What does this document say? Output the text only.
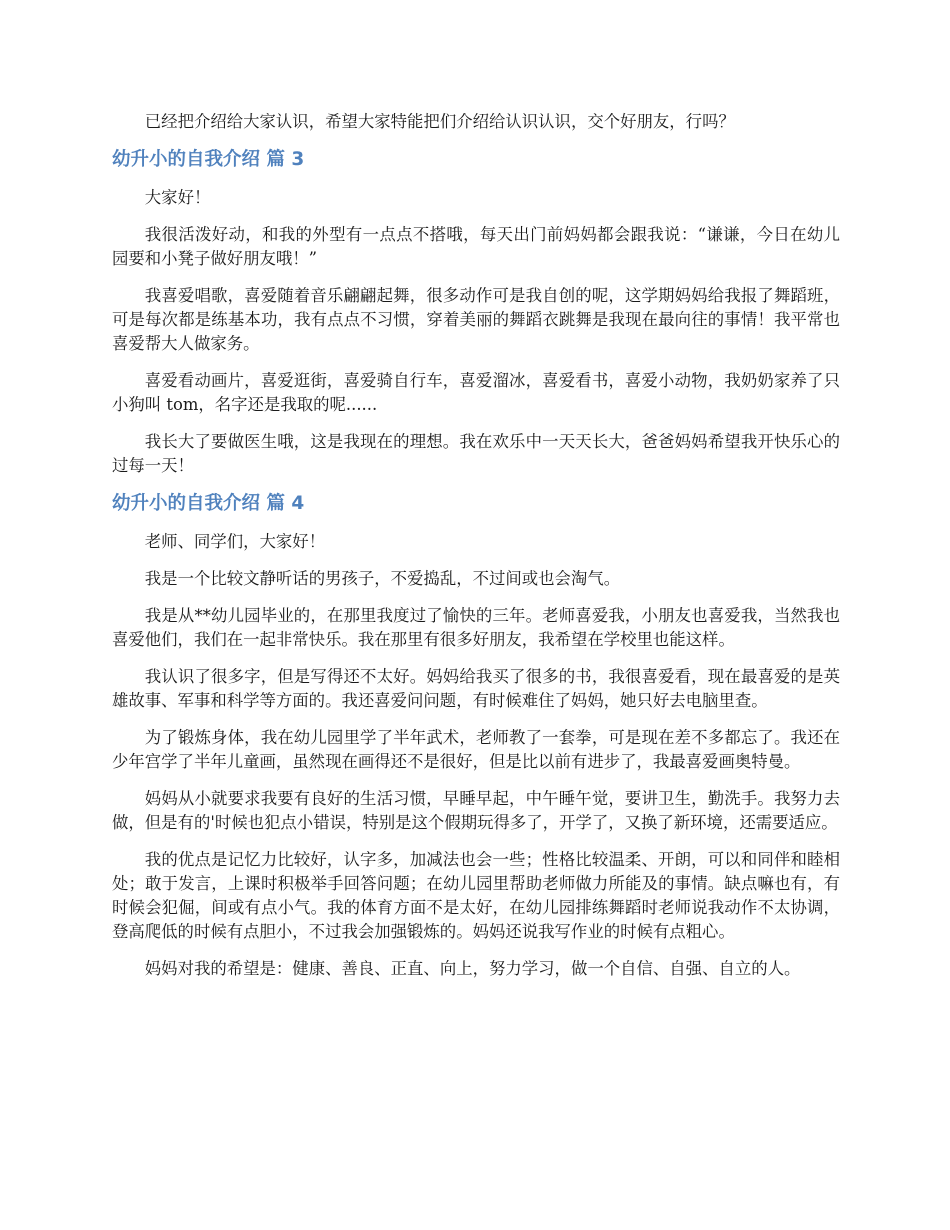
已经把介绍给大家认识，希望大家特能把们介绍给认识认识，交个好朋友，行吗？

幼升小的自我介绍 篇 3

大家好！

我很活泼好动，和我的外型有一点点不搭哦，每天出门前妈妈都会跟我说：“谦谦，今日在幼儿园要和小凳子做好朋友哦！”

我喜爱唱歌，喜爱随着音乐翩翩起舞，很多动作可是我自创的呢，这学期妈妈给我报了舞蹈班，可是每次都是练基本功，我有点点不习惯，穿着美丽的舞蹈衣跳舞是我现在最向往的事情！我平常也喜爱帮大人做家务。

喜爱看动画片，喜爱逛街，喜爱骑自行车，喜爱溜冰，喜爱看书，喜爱小动物，我奶奶家养了只小狗叫 tom，名字还是我取的呢......

我长大了要做医生哦，这是我现在的理想。我在欢乐中一天天长大，爸爸妈妈希望我开快乐心的过每一天！

幼升小的自我介绍 篇 4

老师、同学们，大家好！

我是一个比较文静听话的男孩子，不爱捣乱，不过间或也会淘气。

我是从**幼儿园毕业的，在那里我度过了愉快的三年。老师喜爱我，小朋友也喜爱我，当然我也喜爱他们，我们在一起非常快乐。我在那里有很多好朋友，我希望在学校里也能这样。

我认识了很多字，但是写得还不太好。妈妈给我买了很多的书，我很喜爱看，现在最喜爱的是英雄故事、军事和科学等方面的。我还喜爱问问题，有时候难住了妈妈，她只好去电脑里查。

为了锻炼身体，我在幼儿园里学了半年武术，老师教了一套拳，可是现在差不多都忘了。我还在少年宫学了半年儿童画，虽然现在画得还不是很好，但是比以前有进步了，我最喜爱画奥特曼。

妈妈从小就要求我要有良好的生活习惯，早睡早起，中午睡午觉，要讲卫生，勤洗手。我努力去做，但是有的'时候也犯点小错误，特别是这个假期玩得多了，开学了，又换了新环境，还需要适应。

我的优点是记忆力比较好，认字多，加减法也会一些；性格比较温柔、开朗，可以和同伴和睦相处；敢于发言，上课时积极举手回答问题；在幼儿园里帮助老师做力所能及的事情。缺点嘛也有，有时候会犯倔，间或有点小气。我的体育方面不是太好，在幼儿园排练舞蹈时老师说我动作不太协调，登高爬低的时候有点胆小，不过我会加强锻炼的。妈妈还说我写作业的时候有点粗心。

妈妈对我的希望是：健康、善良、正直、向上，努力学习，做一个自信、自强、自立的人。
